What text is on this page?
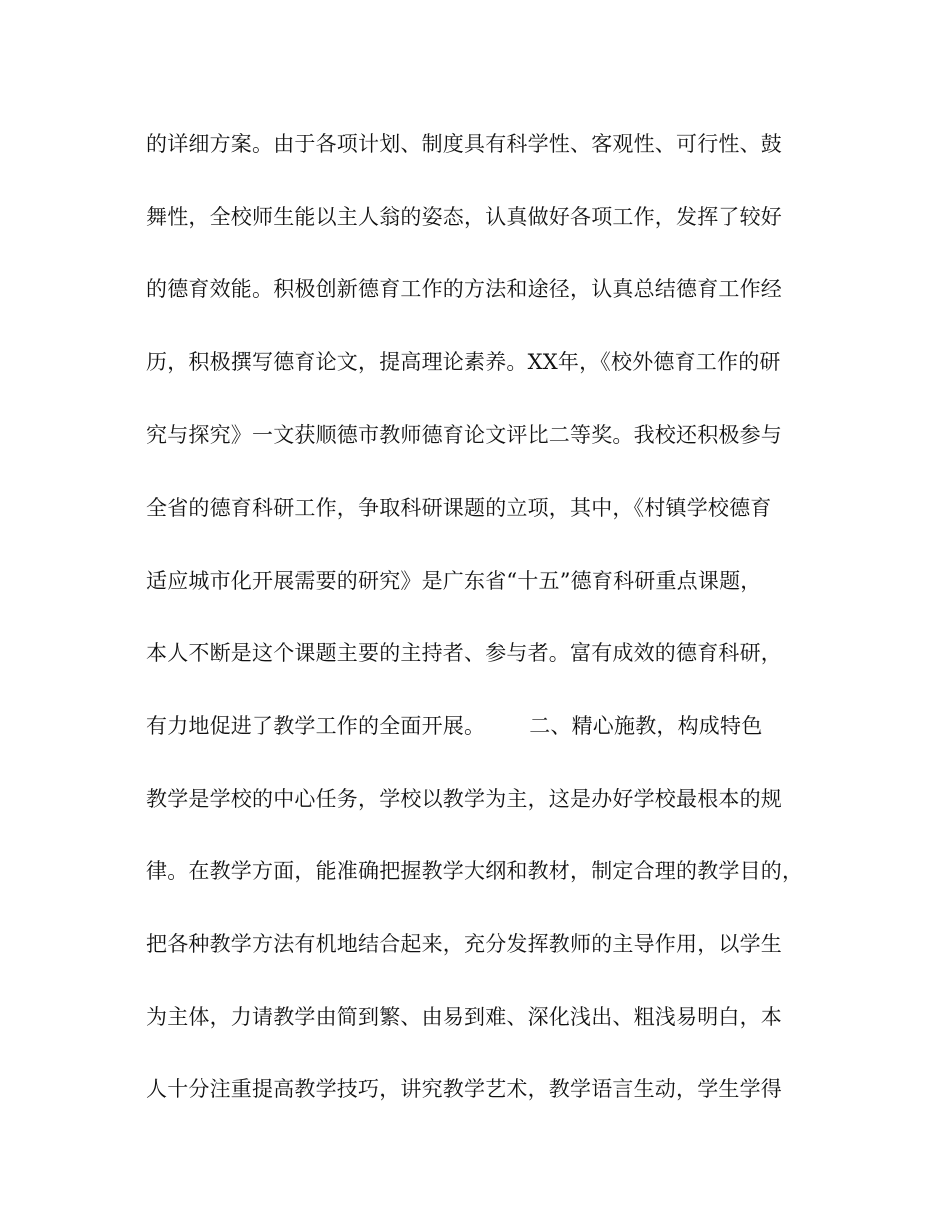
的详细方案。由于各项计划、制度具有科学性、客观性、可行性、鼓
舞性，全校师生能以主人翁的姿态，认真做好各项工作，发挥了较好
的德育效能。积极创新德育工作的方法和途径，认真总结德育工作经
历，积极撰写德育论文，提高理论素养。XX年，《校外德育工作的研
究与探究》一文获顺德市教师德育论文评比二等奖。我校还积极参与
全省的德育科研工作，争取科研课题的立项，其中，《村镇学校德育
适应城市化开展需要的研究》是广东省“十五”德育科研重点课题，
本人不断是这个课题主要的主持者、参与者。富有成效的德育科研，
有力地促进了教学工作的全面开展。 二、精心施教，构成特色
教学是学校的中心任务，学校以教学为主，这是办好学校最根本的规
律。在教学方面，能准确把握教学大纲和教材，制定合理的教学目的，
把各种教学方法有机地结合起来，充分发挥教师的主导作用，以学生
为主体，力请教学由简到繁、由易到难、深化浅出、粗浅易明白，本
人十分注重提高教学技巧，讲究教学艺术，教学语言生动，学生学得
